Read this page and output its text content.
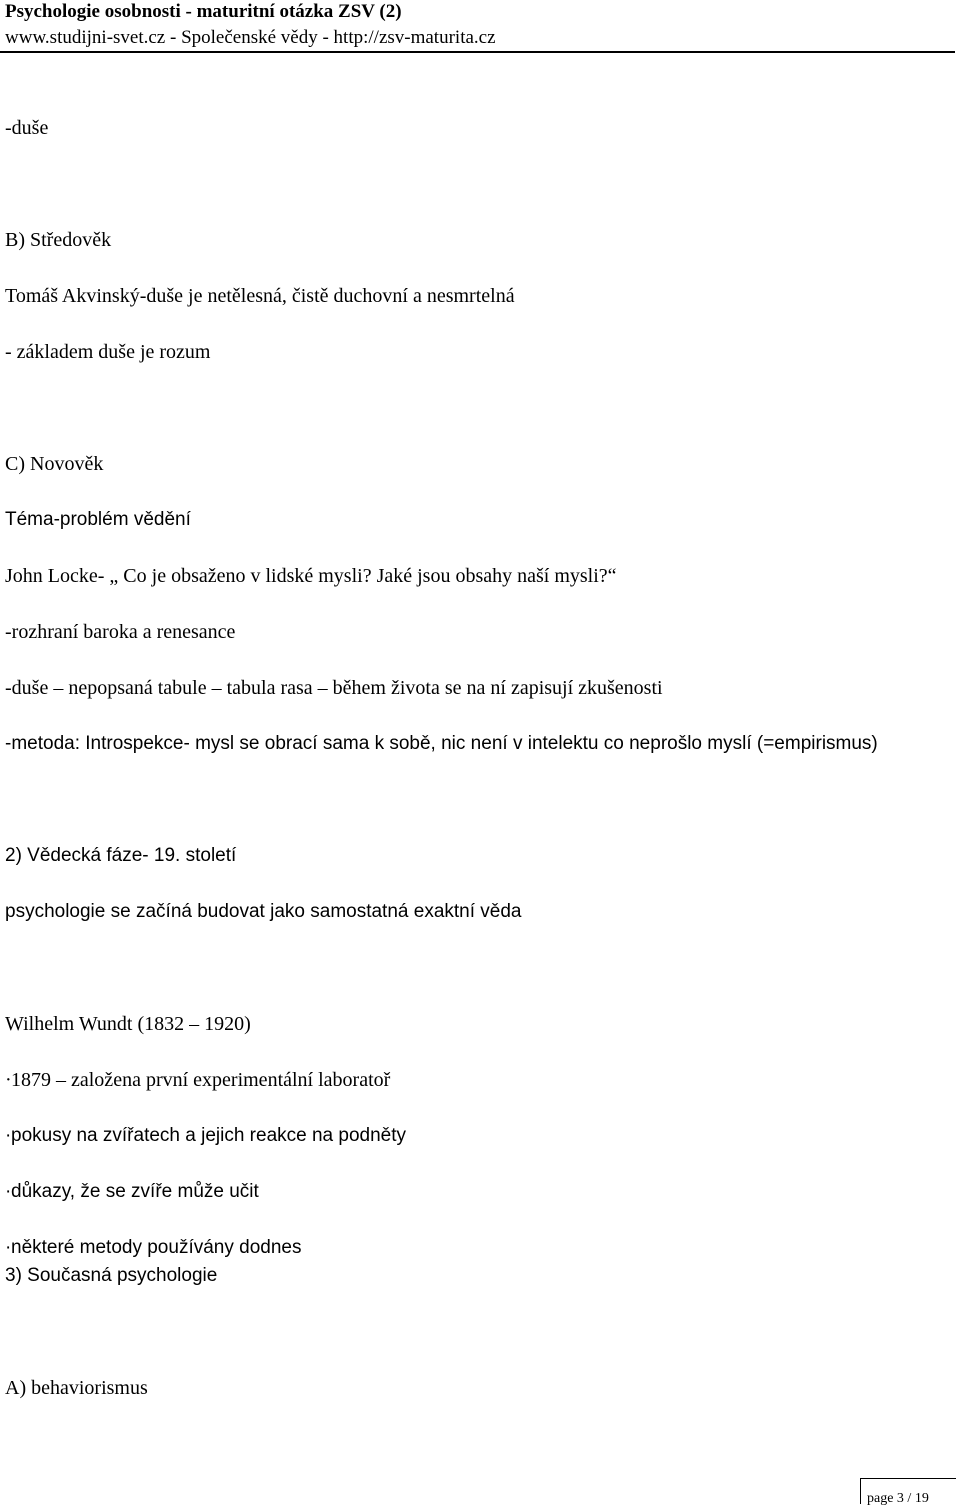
Psychologie osobnosti - maturitní otázka ZSV (2)
www.studijni-svet.cz - Společenské vědy - http://zsv-maturita.cz
-duše
B) Středověk
Tomáš Akvinský-duše je netělesná, čistě duchovní a nesmrtelná
- základem duše je rozum
C) Novověk
Téma-problém vědění
John Locke- „ Co je obsaženo v lidské mysli? Jaké jsou obsahy naší mysli?“
-rozhraní baroka a renesance
-duše – nepopsaná tabule – tabula rasa – během života se na ní zapisují zkušenosti
-metoda: Introspekce- mysl se obrací sama k sobě, nic není v intelektu co neprošlo myslí (=empirismus)
2) Vědecká fáze- 19. století
psychologie se začíná budovat jako samostatná exaktní věda
Wilhelm Wundt (1832 – 1920)
·1879 – založena první experimentální laboratoř
·pokusy na zvířatech a jejich reakce na podněty
·důkazy, že se zvíře může učit
·některé metody používány dodnes
3) Současná psychologie
A) behaviorismus
page 3 / 19
